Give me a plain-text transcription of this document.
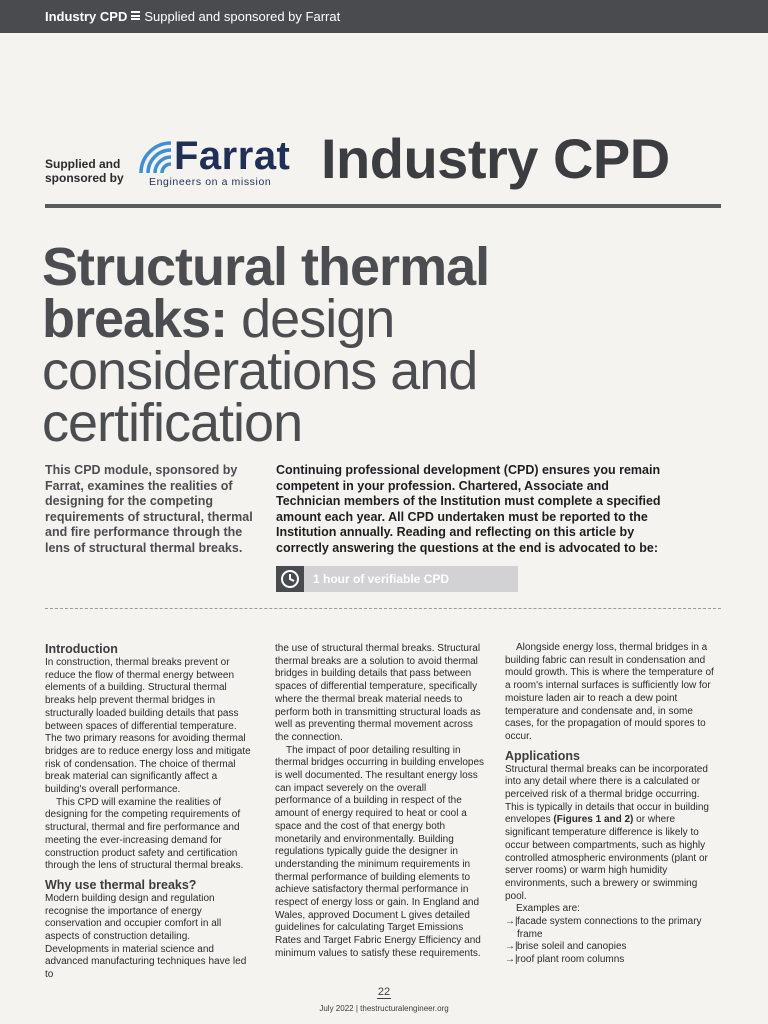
Industry CPD Supplied and sponsored by Farrat
Supplied and
sponsored by Farrat
Engineers on a mission Industry CPD
Structural thermal
breaks: design
considerations and
certification
This CPD module, sponsored by Farrat, examines the realities of designing for the competing requirements of structural, thermal and fire performance through the lens of structural thermal breaks.
Continuing professional development (CPD) ensures you remain competent in your profession. Chartered, Associate and Technician members of the Institution must complete a specified amount each year. All CPD undertaken must be reported to the Institution annually. Reading and reflecting on this article by correctly answering the questions at the end is advocated to be:
1 hour of verifiable CPD
Introduction

In construction, thermal breaks prevent or reduce the flow of thermal energy between elements of a building. Structural thermal breaks help prevent thermal bridges in structurally loaded building details that pass between spaces of differential temperature. The two primary reasons for avoiding thermal bridges are to reduce energy loss and mitigate risk of condensation. The choice of thermal break material can significantly affect a building's overall performance.

This CPD will examine the realities of designing for the competing requirements of structural, thermal and fire performance and meeting the ever-increasing demand for construction product safety and certification through the lens of structural thermal breaks.

Why use thermal breaks?

Modern building design and regulation recognise the importance of energy conservation and occupier comfort in all aspects of construction detailing. Developments in material science and advanced manufacturing techniques have led to

the use of structural thermal breaks. Structural thermal breaks are a solution to avoid thermal bridges in building details that pass between spaces of differential temperature, specifically where the thermal break material needs to perform both in transmitting structural loads as well as preventing thermal movement across the connection.

The impact of poor detailing resulting in thermal bridges occurring in building envelopes is well documented. The resultant energy loss can impact severely on the overall performance of a building in respect of the amount of energy required to heat or cool a space and the cost of that energy both monetarily and environmentally. Building regulations typically guide the designer in understanding the minimum requirements in thermal performance of building elements to achieve satisfactory thermal performance in respect of energy loss or gain. In England and Wales, approved Document L gives detailed guidelines for calculating Target Emissions Rates and Target Fabric Energy Efficiency and minimum values to satisfy these requirements.

Alongside energy loss, thermal bridges in a building fabric can result in condensation and mould growth. This is where the temperature of a room's internal surfaces is sufficiently low for moisture laden air to reach a dew point temperature and condensate and, in some cases, for the propagation of mould spores to occur.

Applications

Structural thermal breaks can be incorporated into any detail where there is a calculated or perceived risk of a thermal bridge occurring. This is typically in details that occur in building envelopes (Figures 1 and 2) or where significant temperature difference is likely to occur between compartments, such as highly controlled atmospheric environments (plant or server rooms) or warm high humidity environments, such a brewery or swimming pool.

Examples are:

→|facade system connections to the primary frame
→|brise soleil and canopies
→|roof plant room columns
22
July 2022 | thestructuralengineer.org
